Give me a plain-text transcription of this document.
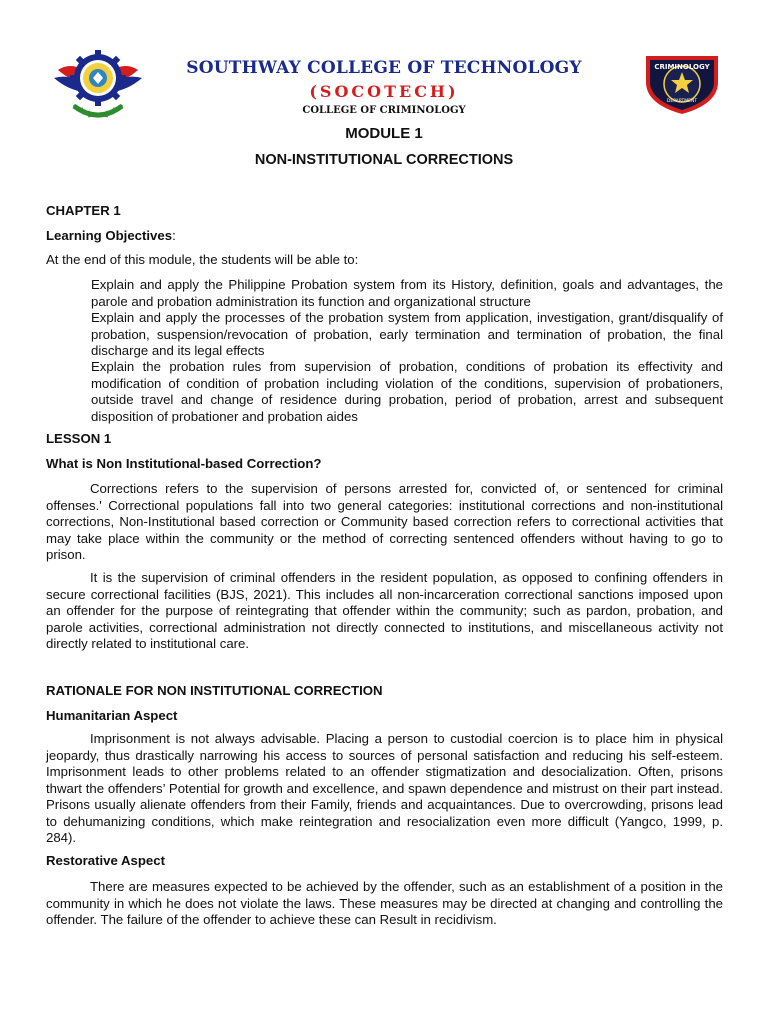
SOUTHWAY COLLEGE OF TECHNOLOGY
(SOCOTECH)
COLLEGE OF CRIMINOLOGY
CRIMINOLOGY
DEPARTMENT
MODULE 1
NON-INSTITUTIONAL CORRECTIONS
CHAPTER 1
Learning Objectives:
At the end of this module, the students will be able to:
Explain and apply the Philippine Probation system from its History, definition, goals and advantages, the parole and probation administration its function and organizational structure
Explain and apply the processes of the probation system from application, investigation, grant/disqualify of probation, suspension/revocation of probation, early termination and termination of probation, the final discharge and its legal effects
Explain the probation rules from supervision of probation, conditions of probation its effectivity and modification of condition of probation including violation of the conditions, supervision of probationers, outside travel and change of residence during probation, period of probation, arrest and subsequent disposition of probationer and probation aides
LESSON 1
What is Non Institutional-based Correction?
Corrections refers to the supervision of persons arrested for, convicted of, or sentenced for criminal offenses.' Correctional populations fall into two general categories: institutional corrections and non-institutional corrections, Non-Institutional based correction or Community based correction refers to correctional activities that may take place within the community or the method of correcting sentenced offenders without having to go to prison.
It is the supervision of criminal offenders in the resident population, as opposed to confining offenders in secure correctional facilities (BJS, 2021). This includes all non-incarceration correctional sanctions imposed upon an offender for the purpose of reintegrating that offender within the community; such as pardon, probation, and parole activities, correctional administration not directly connected to institutions, and miscellaneous activity not directly related to institutional care.
RATIONALE FOR NON INSTITUTIONAL CORRECTION
Humanitarian Aspect
Imprisonment is not always advisable. Placing a person to custodial coercion is to place him in physical jeopardy, thus drastically narrowing his access to sources of personal satisfaction and reducing his self-esteem. Imprisonment leads to other problems related to an offender stigmatization and desocialization. Often, prisons thwart the offenders’ Potential for growth and excellence, and spawn dependence and mistrust on their part instead. Prisons usually alienate offenders from their Family, friends and acquaintances. Due to overcrowding, prisons lead to dehumanizing conditions, which make reintegration and resocialization even more difficult (Yangco, 1999, p. 284).
Restorative Aspect
There are measures expected to be achieved by the offender, such as an establishment of a position in the community in which he does not violate the laws. These measures may be directed at changing and controlling the offender. The failure of the offender to achieve these can Result in recidivism.
